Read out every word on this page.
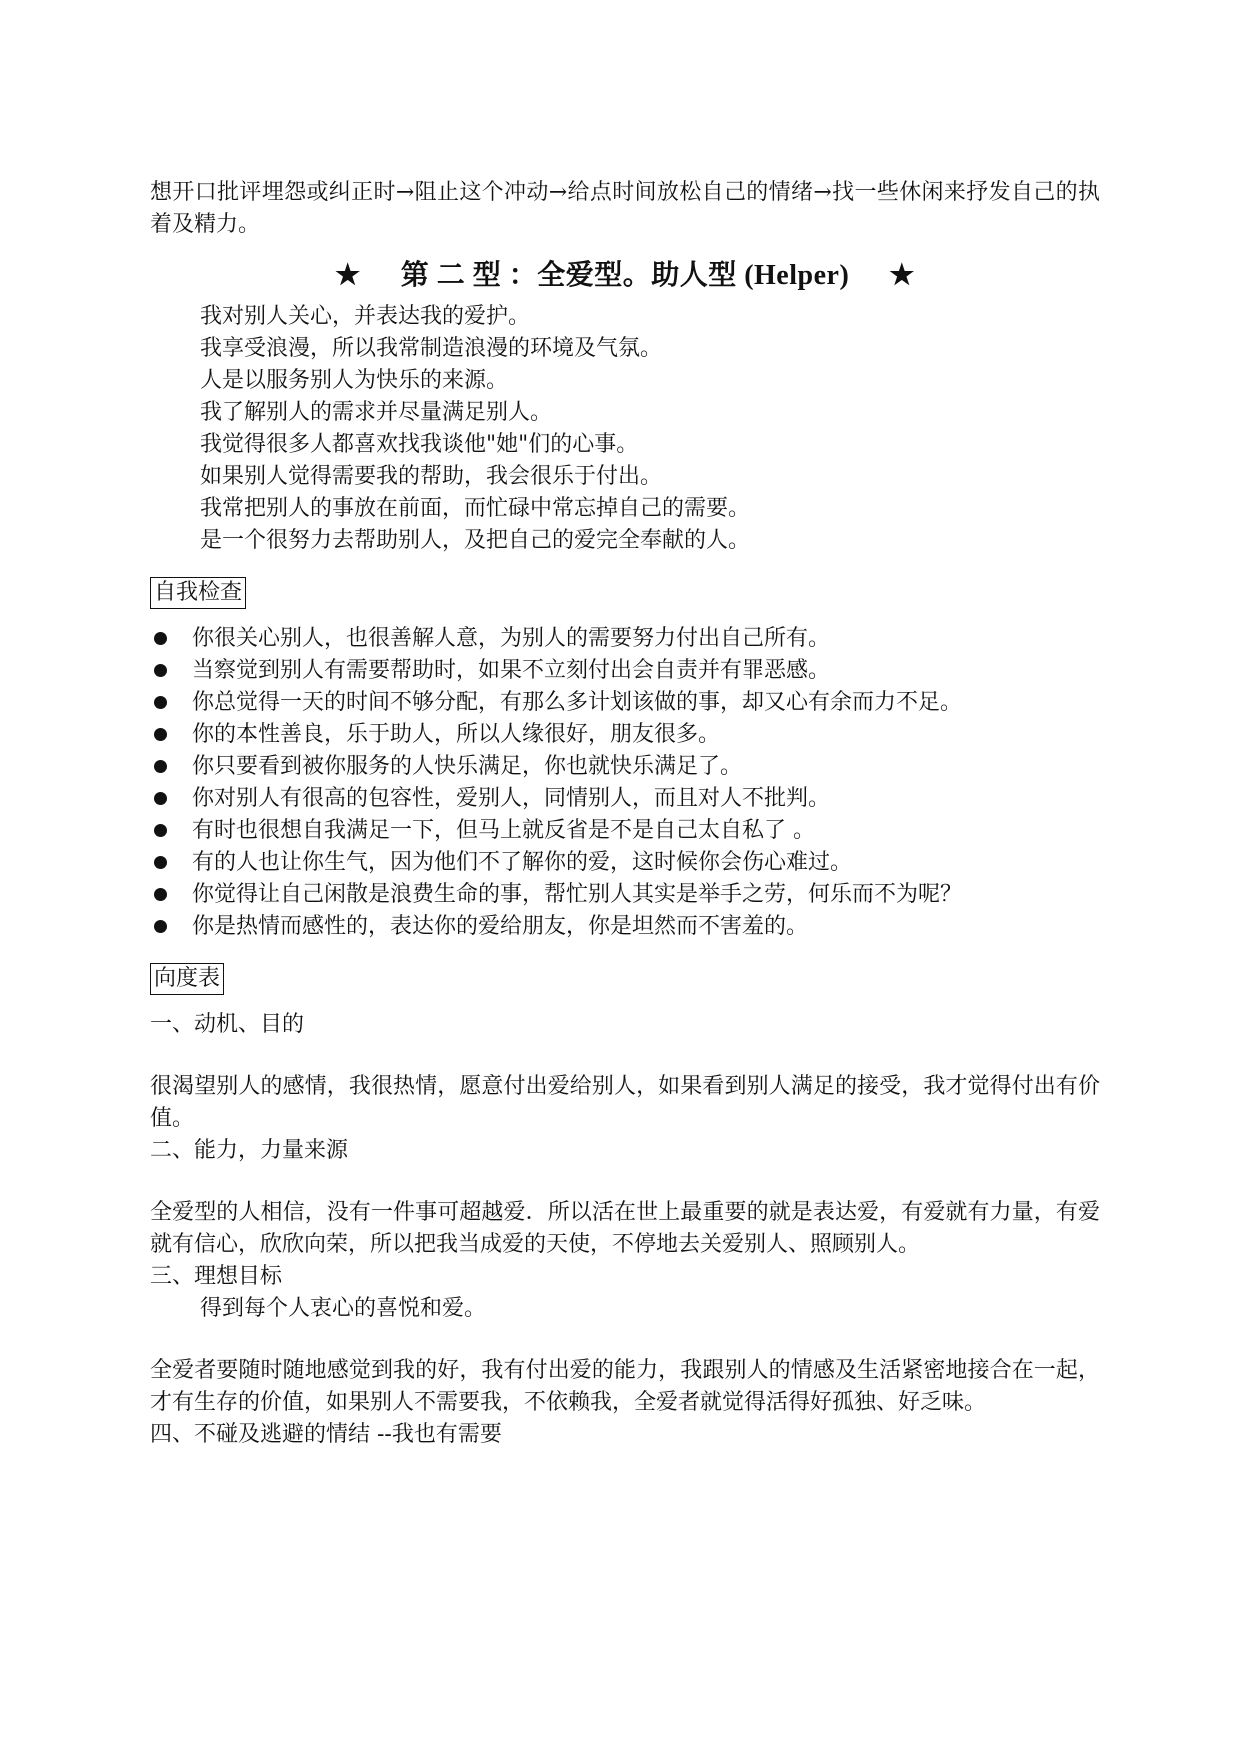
想开口批评埋怨或纠正时→阻止这个冲动→给点时间放松自己的情绪→找一些休闲来抒发自己的执着及精力。

★ 第 二 型 ：全爱型。助人型 (Helper) ★
我对别人关心，并表达我的爱护。
我享受浪漫，所以我常制造浪漫的环境及气氛。
人是以服务别人为快乐的来源。
我了解别人的需求并尽量满足别人。
我觉得很多人都喜欢找我谈他"她"们的心事。
如果别人觉得需要我的帮助，我会很乐于付出。
我常把别人的事放在前面，而忙碌中常忘掉自己的需要。
是一个很努力去帮助别人，及把自己的爱完全奉献的人。
自我检查
你很关心别人，也很善解人意，为别人的需要努力付出自己所有。
当察觉到别人有需要帮助时，如果不立刻付出会自责并有罪恶感。
你总觉得一天的时间不够分配，有那么多计划该做的事，却又心有余而力不足。
你的本性善良，乐于助人，所以人缘很好，朋友很多。
你只要看到被你服务的人快乐满足，你也就快乐满足了。
你对别人有很高的包容性，爱别人，同情别人，而且对人不批判。
有时也很想自我满足一下，但马上就反省是不是自己太自私了 。
有的人也让你生气，因为他们不了解你的爱，这时候你会伤心难过。
你觉得让自己闲散是浪费生命的事，帮忙别人其实是举手之劳，何乐而不为呢？
你是热情而感性的，表达你的爱给朋友，你是坦然而不害羞的。
向度表

一、动机、目的

很渴望别人的感情，我很热情，愿意付出爱给别人，如果看到别人满足的接受，我才觉得付出有价值。

二、能力，力量来源

全爱型的人相信，没有一件事可超越爱．所以活在世上最重要的就是表达爱，有爱就有力量，有爱就有信心，欣欣向荣，所以把我当成爱的天使，不停地去关爱别人、照顾别人。

三、理想目标

得到每个人衷心的喜悦和爱。

全爱者要随时随地感觉到我的好，我有付出爱的能力，我跟别人的情感及生活紧密地接合在一起，才有生存的价值，如果别人不需要我，不依赖我，全爱者就觉得活得好孤独、好乏味。

四、不碰及逃避的情结 --我也有需要
